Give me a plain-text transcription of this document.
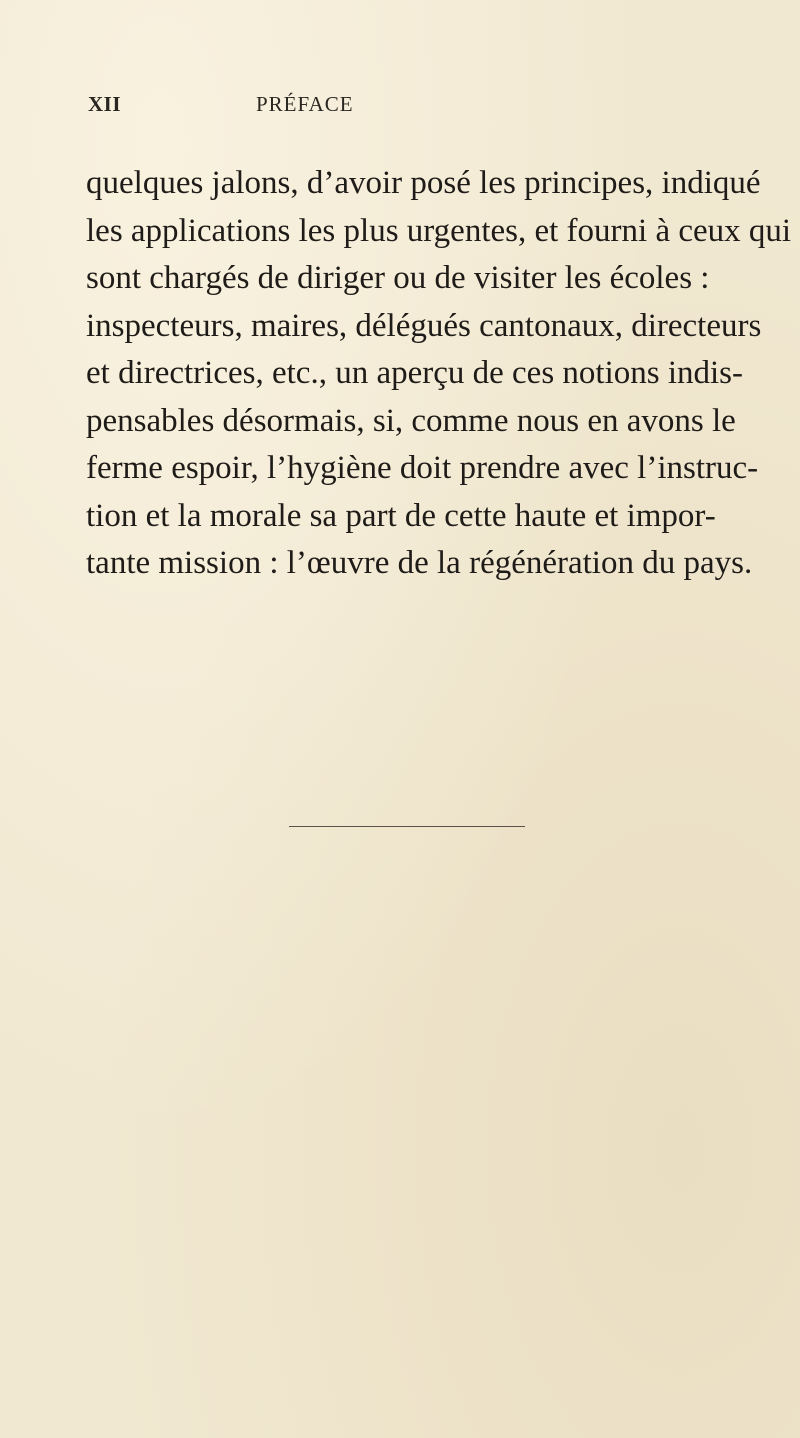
XII	PRÉFACE
quelques jalons, d’avoir posé les principes, indiqué
les applications les plus urgentes, et fourni à ceux qui
sont chargés de diriger ou de visiter les écoles :
inspecteurs, maires, délégués cantonaux, directeurs
et directrices, etc., un aperçu de ces notions indis-
pensables désormais, si, comme nous en avons le
ferme espoir, l’hygiène doit prendre avec l’instruc-
tion et la morale sa part de cette haute et impor-
tante mission : l’œuvre de la régénération du pays.
